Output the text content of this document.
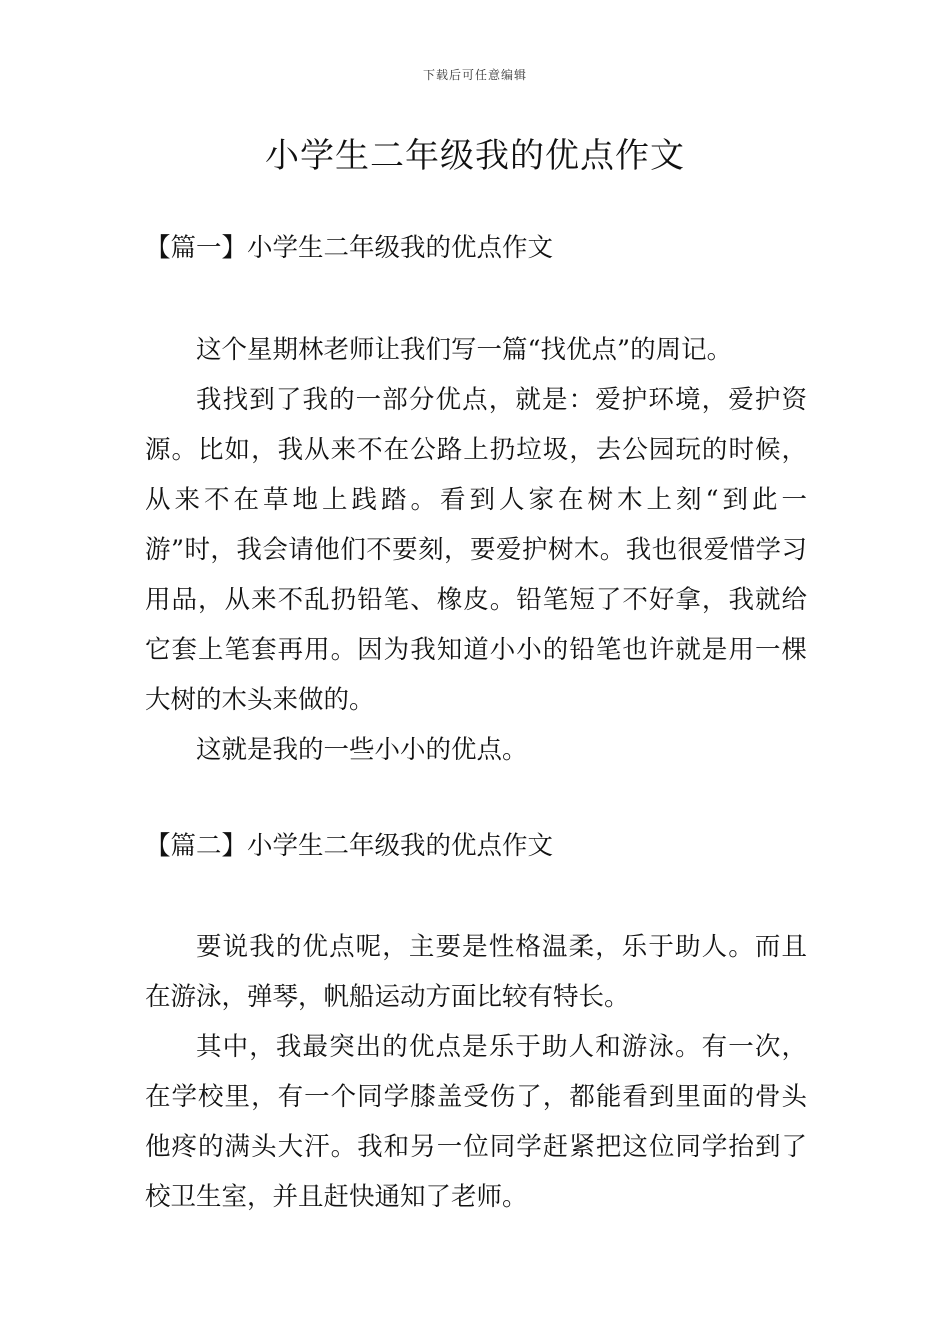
下载后可任意编辑
小学生二年级我的优点作文
【篇一】小学生二年级我的优点作文

这个星期林老师让我们写一篇“找优点”的周记。

我找到了我的一部分优点，就是：爱护环境，爱护资源。比如，我从来不在公路上扔垃圾，去公园玩的时候，从来不在草地上践踏。看到人家在树木上刻“到此一游”时，我会请他们不要刻，要爱护树木。我也很爱惜学习用品，从来不乱扔铅笔、橡皮。铅笔短了不好拿，我就给它套上笔套再用。因为我知道小小的铅笔也许就是用一棵大树的木头来做的。

这就是我的一些小小的优点。

【篇二】小学生二年级我的优点作文

要说我的优点呢，主要是性格温柔，乐于助人。而且在游泳，弹琴，帆船运动方面比较有特长。

其中，我最突出的优点是乐于助人和游泳。有一次，在学校里，有一个同学膝盖受伤了，都能看到里面的骨头他疼的满头大汗。我和另一位同学赶紧把这位同学抬到了校卫生室，并且赶快通知了老师。
